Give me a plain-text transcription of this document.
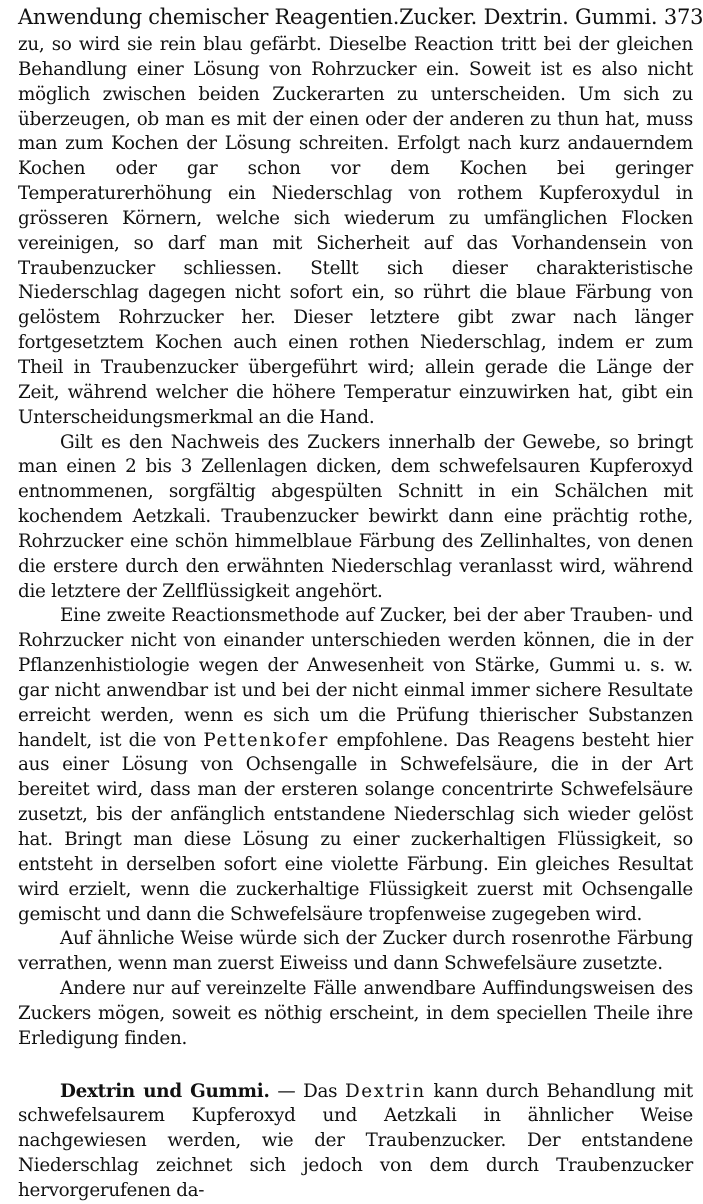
Anwendung chemischer Reagentien. Zucker. Dextrin. Gummi. 373

zu, so wird sie rein blau gefärbt. Dieselbe Reaction tritt bei der gleichen Behandlung einer Lösung von Rohrzucker ein. Soweit ist es also nicht möglich zwischen beiden Zuckerarten zu unterscheiden. Um sich zu überzeugen, ob man es mit der einen oder der anderen zu thun hat, muss man zum Kochen der Lösung schreiten. Erfolgt nach kurz andauerndem Kochen oder gar schon vor dem Kochen bei geringer Temperaturerhöhung ein Niederschlag von rothem Kupferoxydul in grösseren Körnern, welche sich wiederum zu umfänglichen Flocken vereinigen, so darf man mit Sicherheit auf das Vorhandensein von Traubenzucker schliessen. Stellt sich dieser charakteristische Niederschlag dagegen nicht sofort ein, so rührt die blaue Färbung von gelöstem Rohrzucker her. Dieser letztere gibt zwar nach länger fortgesetztem Kochen auch einen rothen Niederschlag, indem er zum Theil in Traubenzucker übergeführt wird; allein gerade die Länge der Zeit, während welcher die höhere Temperatur einzuwirken hat, gibt ein Unterscheidungsmerkmal an die Hand.

Gilt es den Nachweis des Zuckers innerhalb der Gewebe, so bringt man einen 2 bis 3 Zellenlagen dicken, dem schwefelsauren Kupferoxyd entnommenen, sorgfältig abgespülten Schnitt in ein Schälchen mit kochendem Aetzkali. Traubenzucker bewirkt dann eine prächtig rothe, Rohrzucker eine schön himmelblaue Färbung des Zellinhaltes, von denen die erstere durch den erwähnten Niederschlag veranlasst wird, während die letztere der Zellflüssigkeit angehört.

Eine zweite Reactionsmethode auf Zucker, bei der aber Trauben- und Rohrzucker nicht von einander unterschieden werden können, die in der Pflanzenhistiologie wegen der Anwesenheit von Stärke, Gummi u. s. w. gar nicht anwendbar ist und bei der nicht einmal immer sichere Resultate erreicht werden, wenn es sich um die Prüfung thierischer Substanzen handelt, ist die von Pettenkofer empfohlene. Das Reagens besteht hier aus einer Lösung von Ochsengalle in Schwefelsäure, die in der Art bereitet wird, dass man der ersteren solange concentrirte Schwefelsäure zusetzt, bis der anfänglich entstandene Niederschlag sich wieder gelöst hat. Bringt man diese Lösung zu einer zuckerhaltigen Flüssigkeit, so entsteht in derselben sofort eine violette Färbung. Ein gleiches Resultat wird erzielt, wenn die zuckerhaltige Flüssigkeit zuerst mit Ochsengalle gemischt und dann die Schwefelsäure tropfenweise zugegeben wird.

Auf ähnliche Weise würde sich der Zucker durch rosenrothe Färbung verrathen, wenn man zuerst Eiweiss und dann Schwefelsäure zusetzte.

Andere nur auf vereinzelte Fälle anwendbare Auffindungsweisen des Zuckers mögen, soweit es nöthig erscheint, in dem speciellen Theile ihre Erledigung finden.

Dextrin und Gummi. — Das Dextrin kann durch Behandlung mit schwefelsaurem Kupferoxyd und Aetzkali in ähnlicher Weise nachgewiesen werden, wie der Traubenzucker. Der entstandene Niederschlag zeichnet sich jedoch von dem durch Traubenzucker hervorgerufenen da-
